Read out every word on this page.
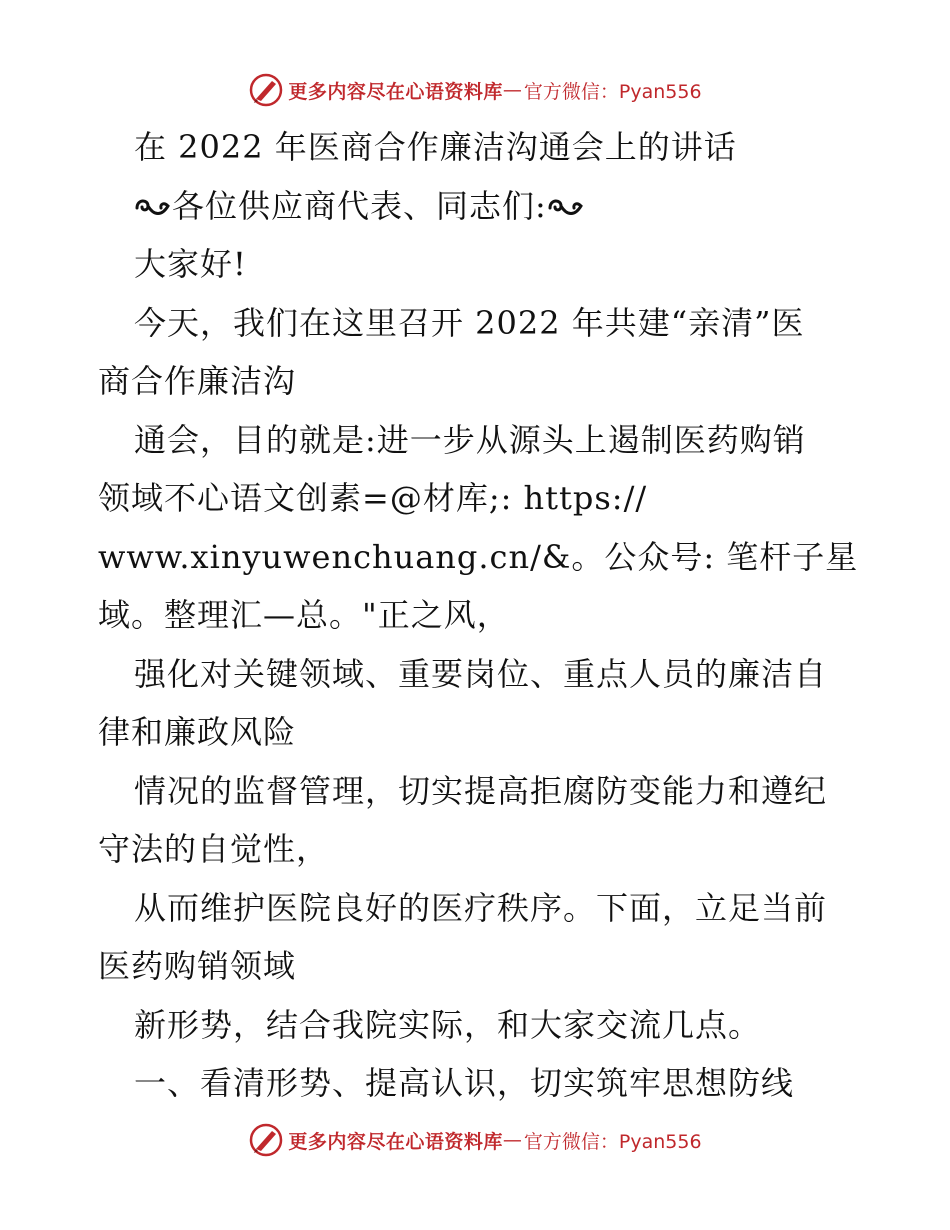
更多内容尽在心语资料库 — 官方微信：Pyan556

在 2022 年医商合作廉洁沟通会上的讲话

各位供应商代表、同志们:

大家好!

今天，我们在这里召开 2022 年共建“亲清”医

商合作廉洁沟

通会，目的就是:进一步从源头上遏制医药购销

领域不心语文创素=@材库;: https://

www.xinyuwenchuang.cn/&。公众号: 笔杆子星

域。整理汇—总。"正之风，

强化对关键领域、重要岗位、重点人员的廉洁自

律和廉政风险

情况的监督管理，切实提高拒腐防变能力和遵纪

守法的自觉性，

从而维护医院良好的医疗秩序。下面，立足当前

医药购销领域

新形势，结合我院实际，和大家交流几点。

一、看清形势、提高认识，切实筑牢思想防线

更多内容尽在心语资料库 — 官方微信：Pyan556
